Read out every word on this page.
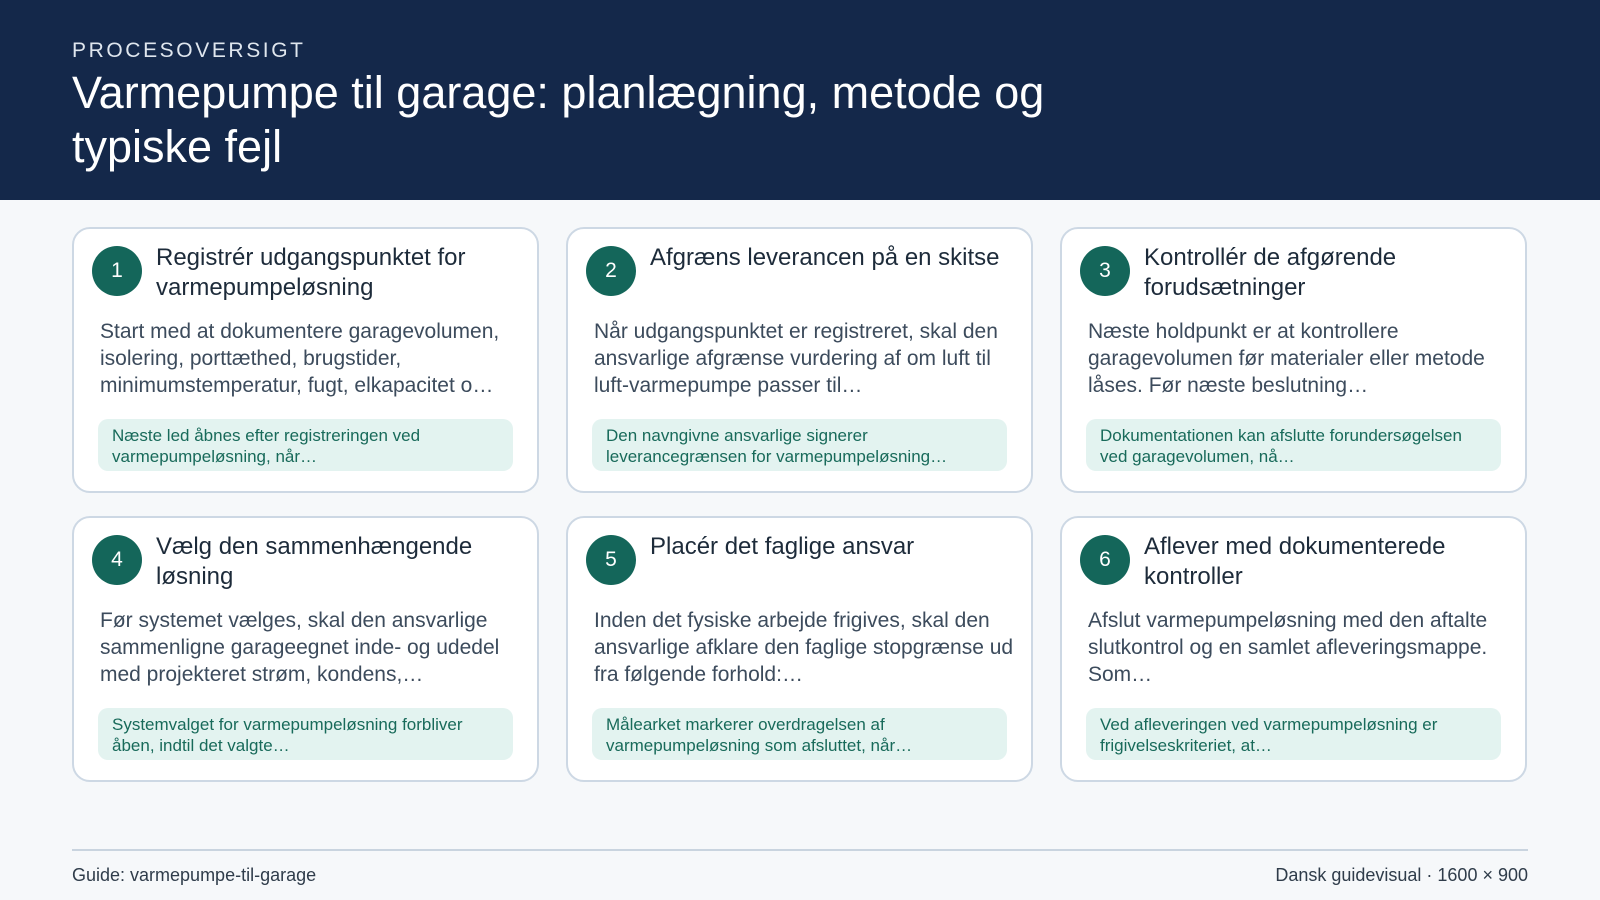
PROCESOVERSIGT
Varmepumpe til garage: planlægning, metode og typiske fejl
1	Registrér udgangspunktet for varmepumpeløsning
Start med at dokumentere garagevolumen, isolering, porttæthed, brugstider, minimumstemperatur, fugt, elkapacitet o…
Næste led åbnes efter registreringen ved varmepumpeløsning, når…
2	Afgræns leverancen på en skitse
Når udgangspunktet er registreret, skal den ansvarlige afgrænse vurdering af om luft til luft-varmepumpe passer til…
Den navngivne ansvarlige signerer leverancegrænsen for varmepumpeløsning…
3	Kontrollér de afgørende forudsætninger
Næste holdpunkt er at kontrollere garagevolumen før materialer eller metode låses. Før næste beslutning…
Dokumentationen kan afslutte forundersøgelsen ved garagevolumen, nå…
4	Vælg den sammenhængende løsning
Før systemet vælges, skal den ansvarlige sammenligne garageegnet inde- og udedel med projekteret strøm, kondens,…
Systemvalget for varmepumpeløsning forbliver åben, indtil det valgte…
5	Placér det faglige ansvar
Inden det fysiske arbejde frigives, skal den ansvarlige afklare den faglige stopgrænse ud fra følgende forhold:…
Målearket markerer overdragelsen af varmepumpeløsning som afsluttet, når…
6	Aflever med dokumenterede kontroller
Afslut varmepumpeløsning med den aftalte slutkontrol og en samlet afleveringsmappe. Som…
Ved afleveringen ved varmepumpeløsning er frigivelseskriteriet, at…
Guide: varmepumpe-til-garage	Dansk guidevisual · 1600 × 900
